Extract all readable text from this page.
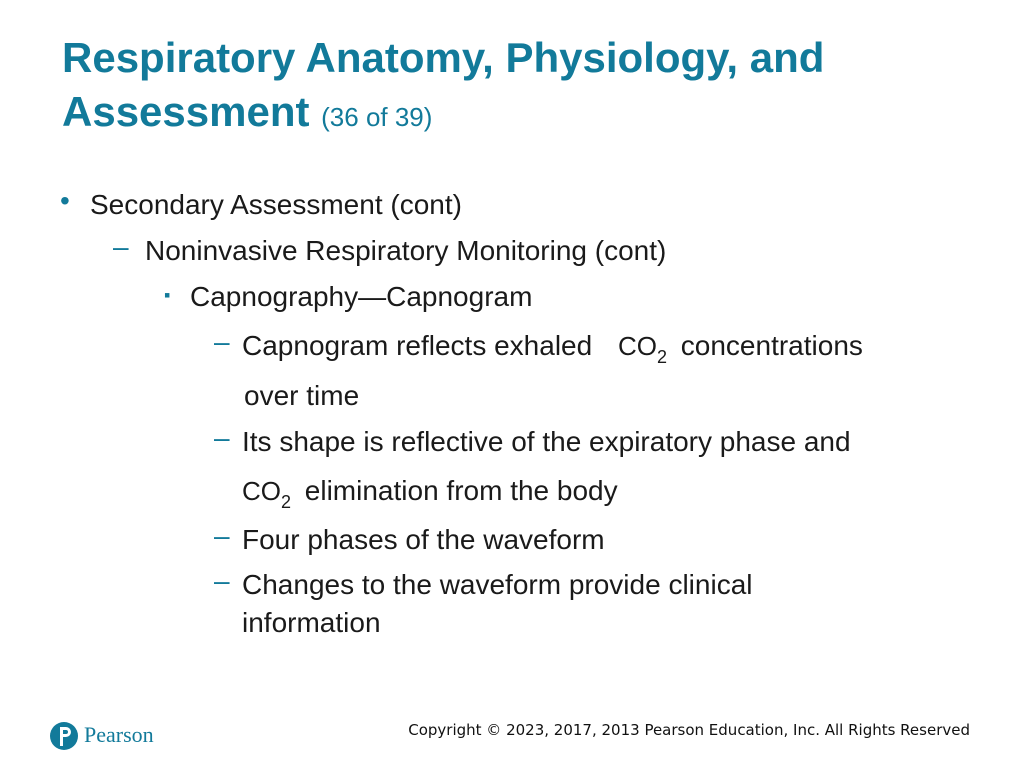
Respiratory Anatomy, Physiology, and Assessment (36 of 39)
• Secondary Assessment (cont)
– Noninvasive Respiratory Monitoring (cont)
▪ Capnography—Capnogram
– Capnogram reflects exhaled $CO_2$ concentrations
over time
– Its shape is reflective of the expiratory phase and
$CO_2$ elimination from the body
– Four phases of the waveform
– Changes to the waveform provide clinical
information
Pearson	Copyright © 2023, 2017, 2013 Pearson Education, Inc. All Rights Reserved
